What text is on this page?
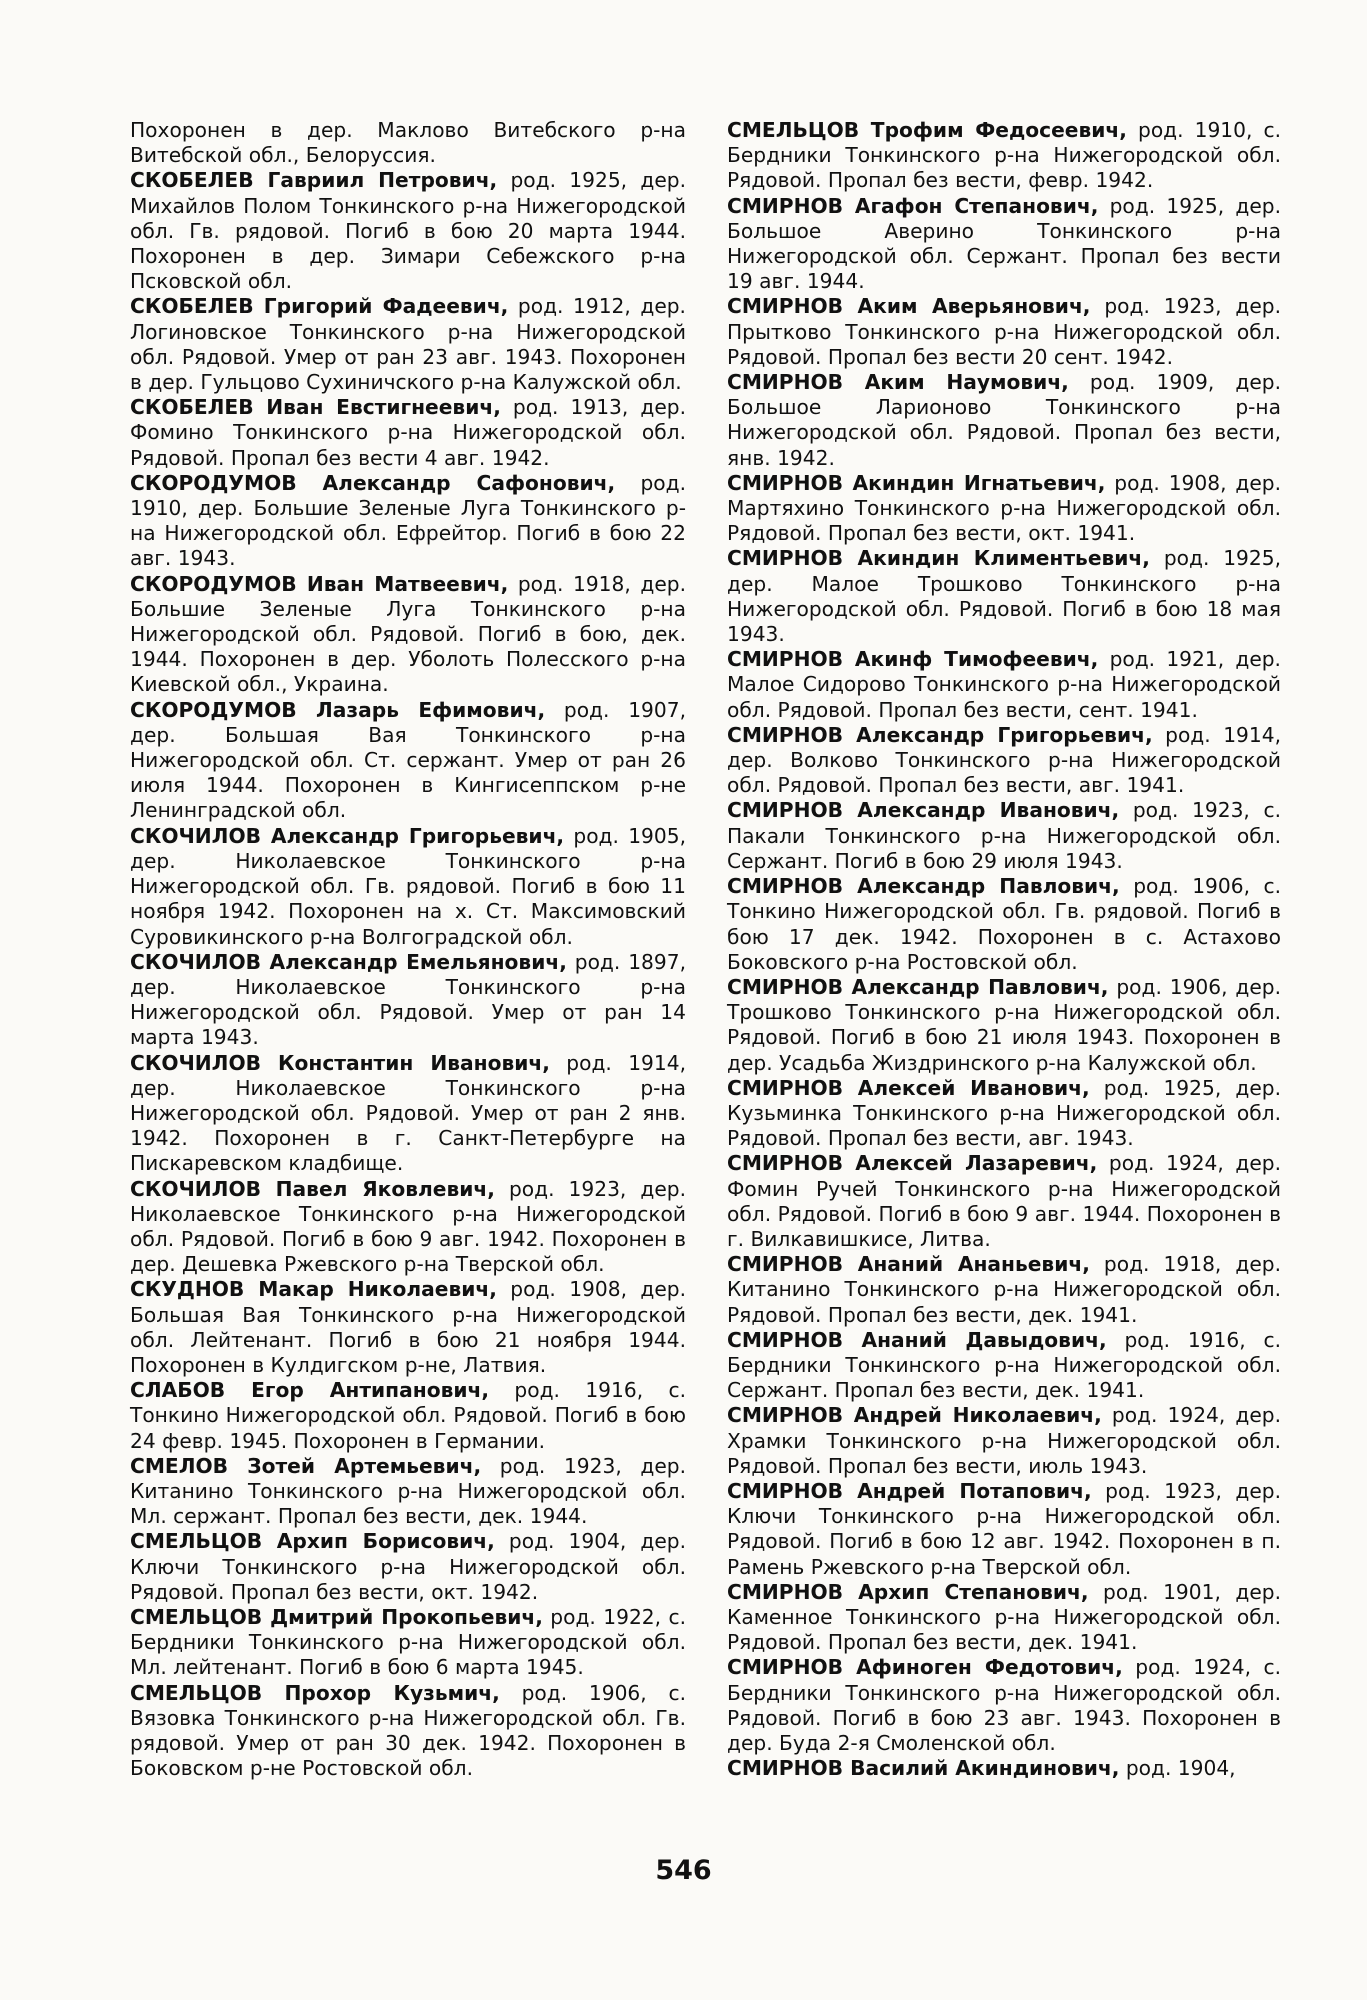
Похоронен в дер. Маклово Витебского р-на Витебской обл., Белоруссия.

СКОБЕЛЕВ Гавриил Петрович, род. 1925, дер. Михайлов Полом Тонкинского р-на Нижегородской обл. Гв. рядовой. Погиб в бою 20 марта 1944. Похоронен в дер. Зимари Себежского р-на Псковской обл.

СКОБЕЛЕВ Григорий Фадеевич, род. 1912, дер. Логиновское Тонкинского р-на Нижегородской обл. Рядовой. Умер от ран 23 авг. 1943. Похоронен в дер. Гульцово Сухиничского р-на Калужской обл.

СКОБЕЛЕВ Иван Евстигнеевич, род. 1913, дер. Фомино Тонкинского р-на Нижегородской обл. Рядовой. Пропал без вести 4 авг. 1942.

СКОРОДУМОВ Александр Сафонович, род. 1910, дер. Большие Зеленые Луга Тонкинского р-на Нижегородской обл. Ефрейтор. Погиб в бою 22 авг. 1943.

СКОРОДУМОВ Иван Матвеевич, род. 1918, дер. Большие Зеленые Луга Тонкинского р-на Нижегородской обл. Рядовой. Погиб в бою, дек. 1944. Похоронен в дер. Уболоть Полесского р-на Киевской обл., Украина.

СКОРОДУМОВ Лазарь Ефимович, род. 1907, дер. Большая Вая Тонкинского р-на Нижегородской обл. Ст. сержант. Умер от ран 26 июля 1944. Похоронен в Кингисеппском р-не Ленинградской обл.

СКОЧИЛОВ Александр Григорьевич, род. 1905, дер. Николаевское Тонкинского р-на Нижегородской обл. Гв. рядовой. Погиб в бою 11 ноября 1942. Похоронен на х. Ст. Максимовский Суровикинского р-на Волгоградской обл.

СКОЧИЛОВ Александр Емельянович, род. 1897, дер. Николаевское Тонкинского р-на Нижегородской обл. Рядовой. Умер от ран 14 марта 1943.

СКОЧИЛОВ Константин Иванович, род. 1914, дер. Николаевское Тонкинского р-на Нижегородской обл. Рядовой. Умер от ран 2 янв. 1942. Похоронен в г. Санкт-Петербурге на Пискаревском кладбище.

СКОЧИЛОВ Павел Яковлевич, род. 1923, дер. Николаевское Тонкинского р-на Нижегородской обл. Рядовой. Погиб в бою 9 авг. 1942. Похоронен в дер. Дешевка Ржевского р-на Тверской обл.

СКУДНОВ Макар Николаевич, род. 1908, дер. Большая Вая Тонкинского р-на Нижегородской обл. Лейтенант. Погиб в бою 21 ноября 1944. Похоронен в Кулдигском р-не, Латвия.

СЛАБОВ Егор Антипанович, род. 1916, с. Тонкино Нижегородской обл. Рядовой. Погиб в бою 24 февр. 1945. Похоронен в Германии.

СМЕЛОВ Зотей Артемьевич, род. 1923, дер. Китанино Тонкинского р-на Нижегородской обл. Мл. сержант. Пропал без вести, дек. 1944.

СМЕЛЬЦОВ Архип Борисович, род. 1904, дер. Ключи Тонкинского р-на Нижегородской обл. Рядовой. Пропал без вести, окт. 1942.

СМЕЛЬЦОВ Дмитрий Прокопьевич, род. 1922, с. Бердники Тонкинского р-на Нижегородской обл. Мл. лейтенант. Погиб в бою 6 марта 1945.

СМЕЛЬЦОВ Прохор Кузьмич, род. 1906, с. Вязовка Тонкинского р-на Нижегородской обл. Гв. рядовой. Умер от ран 30 дек. 1942. Похоронен в Боковском р-не Ростовской обл.

СМЕЛЬЦОВ Трофим Федосеевич, род. 1910, с. Бердники Тонкинского р-на Нижегородской обл. Рядовой. Пропал без вести, февр. 1942.

СМИРНОВ Агафон Степанович, род. 1925, дер. Большое Аверино Тонкинского р-на Нижегородской обл. Сержант. Пропал без вести 19 авг. 1944.

СМИРНОВ Аким Аверьянович, род. 1923, дер. Прытково Тонкинского р-на Нижегородской обл. Рядовой. Пропал без вести 20 сент. 1942.

СМИРНОВ Аким Наумович, род. 1909, дер. Большое Ларионово Тонкинского р-на Нижегородской обл. Рядовой. Пропал без вести, янв. 1942.

СМИРНОВ Акиндин Игнатьевич, род. 1908, дер. Мартяхино Тонкинского р-на Нижегородской обл. Рядовой. Пропал без вести, окт. 1941.

СМИРНОВ Акиндин Климентьевич, род. 1925, дер. Малое Трошково Тонкинского р-на Нижегородской обл. Рядовой. Погиб в бою 18 мая 1943.

СМИРНОВ Акинф Тимофеевич, род. 1921, дер. Малое Сидорово Тонкинского р-на Нижегородской обл. Рядовой. Пропал без вести, сент. 1941.

СМИРНОВ Александр Григорьевич, род. 1914, дер. Волково Тонкинского р-на Нижегородской обл. Рядовой. Пропал без вести, авг. 1941.

СМИРНОВ Александр Иванович, род. 1923, с. Пакали Тонкинского р-на Нижегородской обл. Сержант. Погиб в бою 29 июля 1943.

СМИРНОВ Александр Павлович, род. 1906, с. Тонкино Нижегородской обл. Гв. рядовой. Погиб в бою 17 дек. 1942. Похоронен в с. Астахово Боковского р-на Ростовской обл.

СМИРНОВ Александр Павлович, род. 1906, дер. Трошково Тонкинского р-на Нижегородской обл. Рядовой. Погиб в бою 21 июля 1943. Похоронен в дер. Усадьба Жиздринского р-на Калужской обл.

СМИРНОВ Алексей Иванович, род. 1925, дер. Кузьминка Тонкинского р-на Нижегородской обл. Рядовой. Пропал без вести, авг. 1943.

СМИРНОВ Алексей Лазаревич, род. 1924, дер. Фомин Ручей Тонкинского р-на Нижегородской обл. Рядовой. Погиб в бою 9 авг. 1944. Похоронен в г. Вилкавишкисе, Литва.

СМИРНОВ Ананий Ананьевич, род. 1918, дер. Китанино Тонкинского р-на Нижегородской обл. Рядовой. Пропал без вести, дек. 1941.

СМИРНОВ Ананий Давыдович, род. 1916, с. Бердники Тонкинского р-на Нижегородской обл. Сержант. Пропал без вести, дек. 1941.

СМИРНОВ Андрей Николаевич, род. 1924, дер. Храмки Тонкинского р-на Нижегородской обл. Рядовой. Пропал без вести, июль 1943.

СМИРНОВ Андрей Потапович, род. 1923, дер. Ключи Тонкинского р-на Нижегородской обл. Рядовой. Погиб в бою 12 авг. 1942. Похоронен в п. Рамень Ржевского р-на Тверской обл.

СМИРНОВ Архип Степанович, род. 1901, дер. Каменное Тонкинского р-на Нижегородской обл. Рядовой. Пропал без вести, дек. 1941.

СМИРНОВ Афиноген Федотович, род. 1924, с. Бердники Тонкинского р-на Нижегородской обл. Рядовой. Погиб в бою 23 авг. 1943. Похоронен в дер. Буда 2-я Смоленской обл.

СМИРНОВ Василий Акиндинович, род. 1904,

546
